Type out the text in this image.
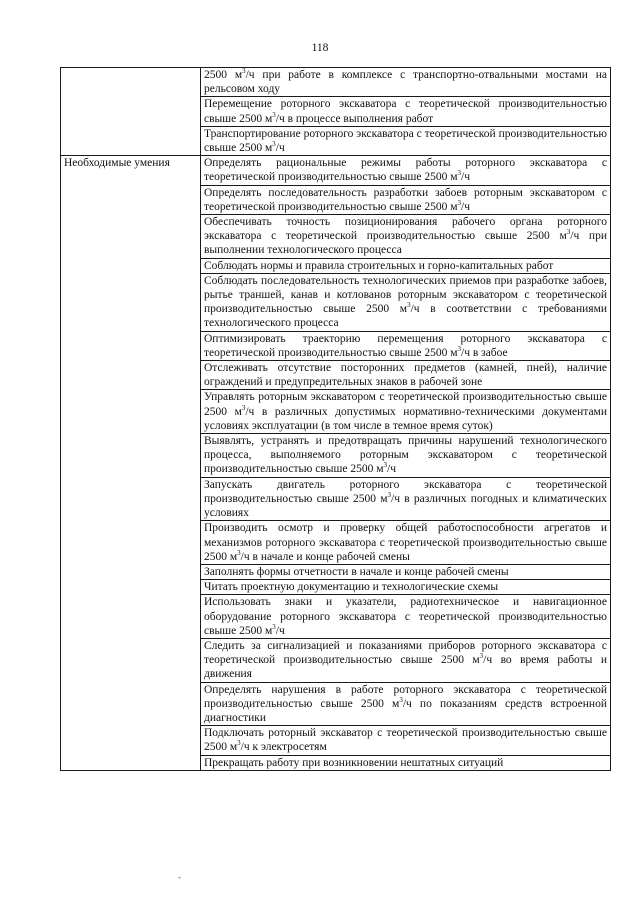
118
	2500 $м^3/ч$ при работе в комплексе с транспортно-отвальными мостами на рельсовом ходу
	Перемещение роторного экскаватора с теоретической производительностью свыше 2500 $м^3/ч$ в процессе выполнения работ
	Транспортирование роторного экскаватора с теоретической производительностью свыше 2500 $м^3/ч$
Необходимые умения	Определять рациональные режимы работы роторного экскаватора с теоретической производительностью свыше 2500 $м^3/ч$
	Определять последовательность разработки забоев роторным экскаватором с теоретической производительностью свыше 2500 $м^3/ч$
	Обеспечивать точность позиционирования рабочего органа роторного экскаватора с теоретической производительностью свыше 2500 $м^3/ч$ при выполнении технологического процесса
	Соблюдать нормы и правила строительных и горно-капитальных работ
	Соблюдать последовательность технологических приемов при разработке забоев, рытье траншей, канав и котлованов роторным экскаватором с теоретической производительностью свыше 2500 $м^3/ч$ в соответствии с требованиями технологического процесса
	Оптимизировать траекторию перемещения роторного экскаватора с теоретической производительностью свыше 2500 $м^3/ч$ в забое
	Отслеживать отсутствие посторонних предметов (камней, пней), наличие ограждений и предупредительных знаков в рабочей зоне
	Управлять роторным экскаватором с теоретической производительностью свыше 2500 $м^3/ч$ в различных допустимых нормативно-техническими документами условиях эксплуатации (в том числе в темное время суток)
	Выявлять, устранять и предотвращать причины нарушений технологического процесса, выполняемого роторным экскаватором с теоретической производительностью свыше 2500 $м^3/ч$
	Запускать двигатель роторного экскаватора с теоретической производительностью свыше 2500 $м^3/ч$ в различных погодных и климатических условиях
	Производить осмотр и проверку общей работоспособности агрегатов и механизмов роторного экскаватора с теоретической производительностью свыше 2500 $м^3/ч$ в начале и конце рабочей смены
	Заполнять формы отчетности в начале и конце рабочей смены
	Читать проектную документацию и технологические схемы
	Использовать знаки и указатели, радиотехническое и навигационное оборудование роторного экскаватора с теоретической производительностью свыше 2500 $м^3/ч$
	Следить за сигнализацией и показаниями приборов роторного экскаватора с теоретической производительностью свыше 2500 $м^3/ч$ во время работы и движения
	Определять нарушения в работе роторного экскаватора с теоретической производительностью свыше 2500 $м^3/ч$ по показаниям средств встроенной диагностики
	Подключать роторный экскаватор с теоретической производительностью свыше 2500 $м^3/ч$ к электросетям
	Прекращать работу при возникновении нештатных ситуаций
-
